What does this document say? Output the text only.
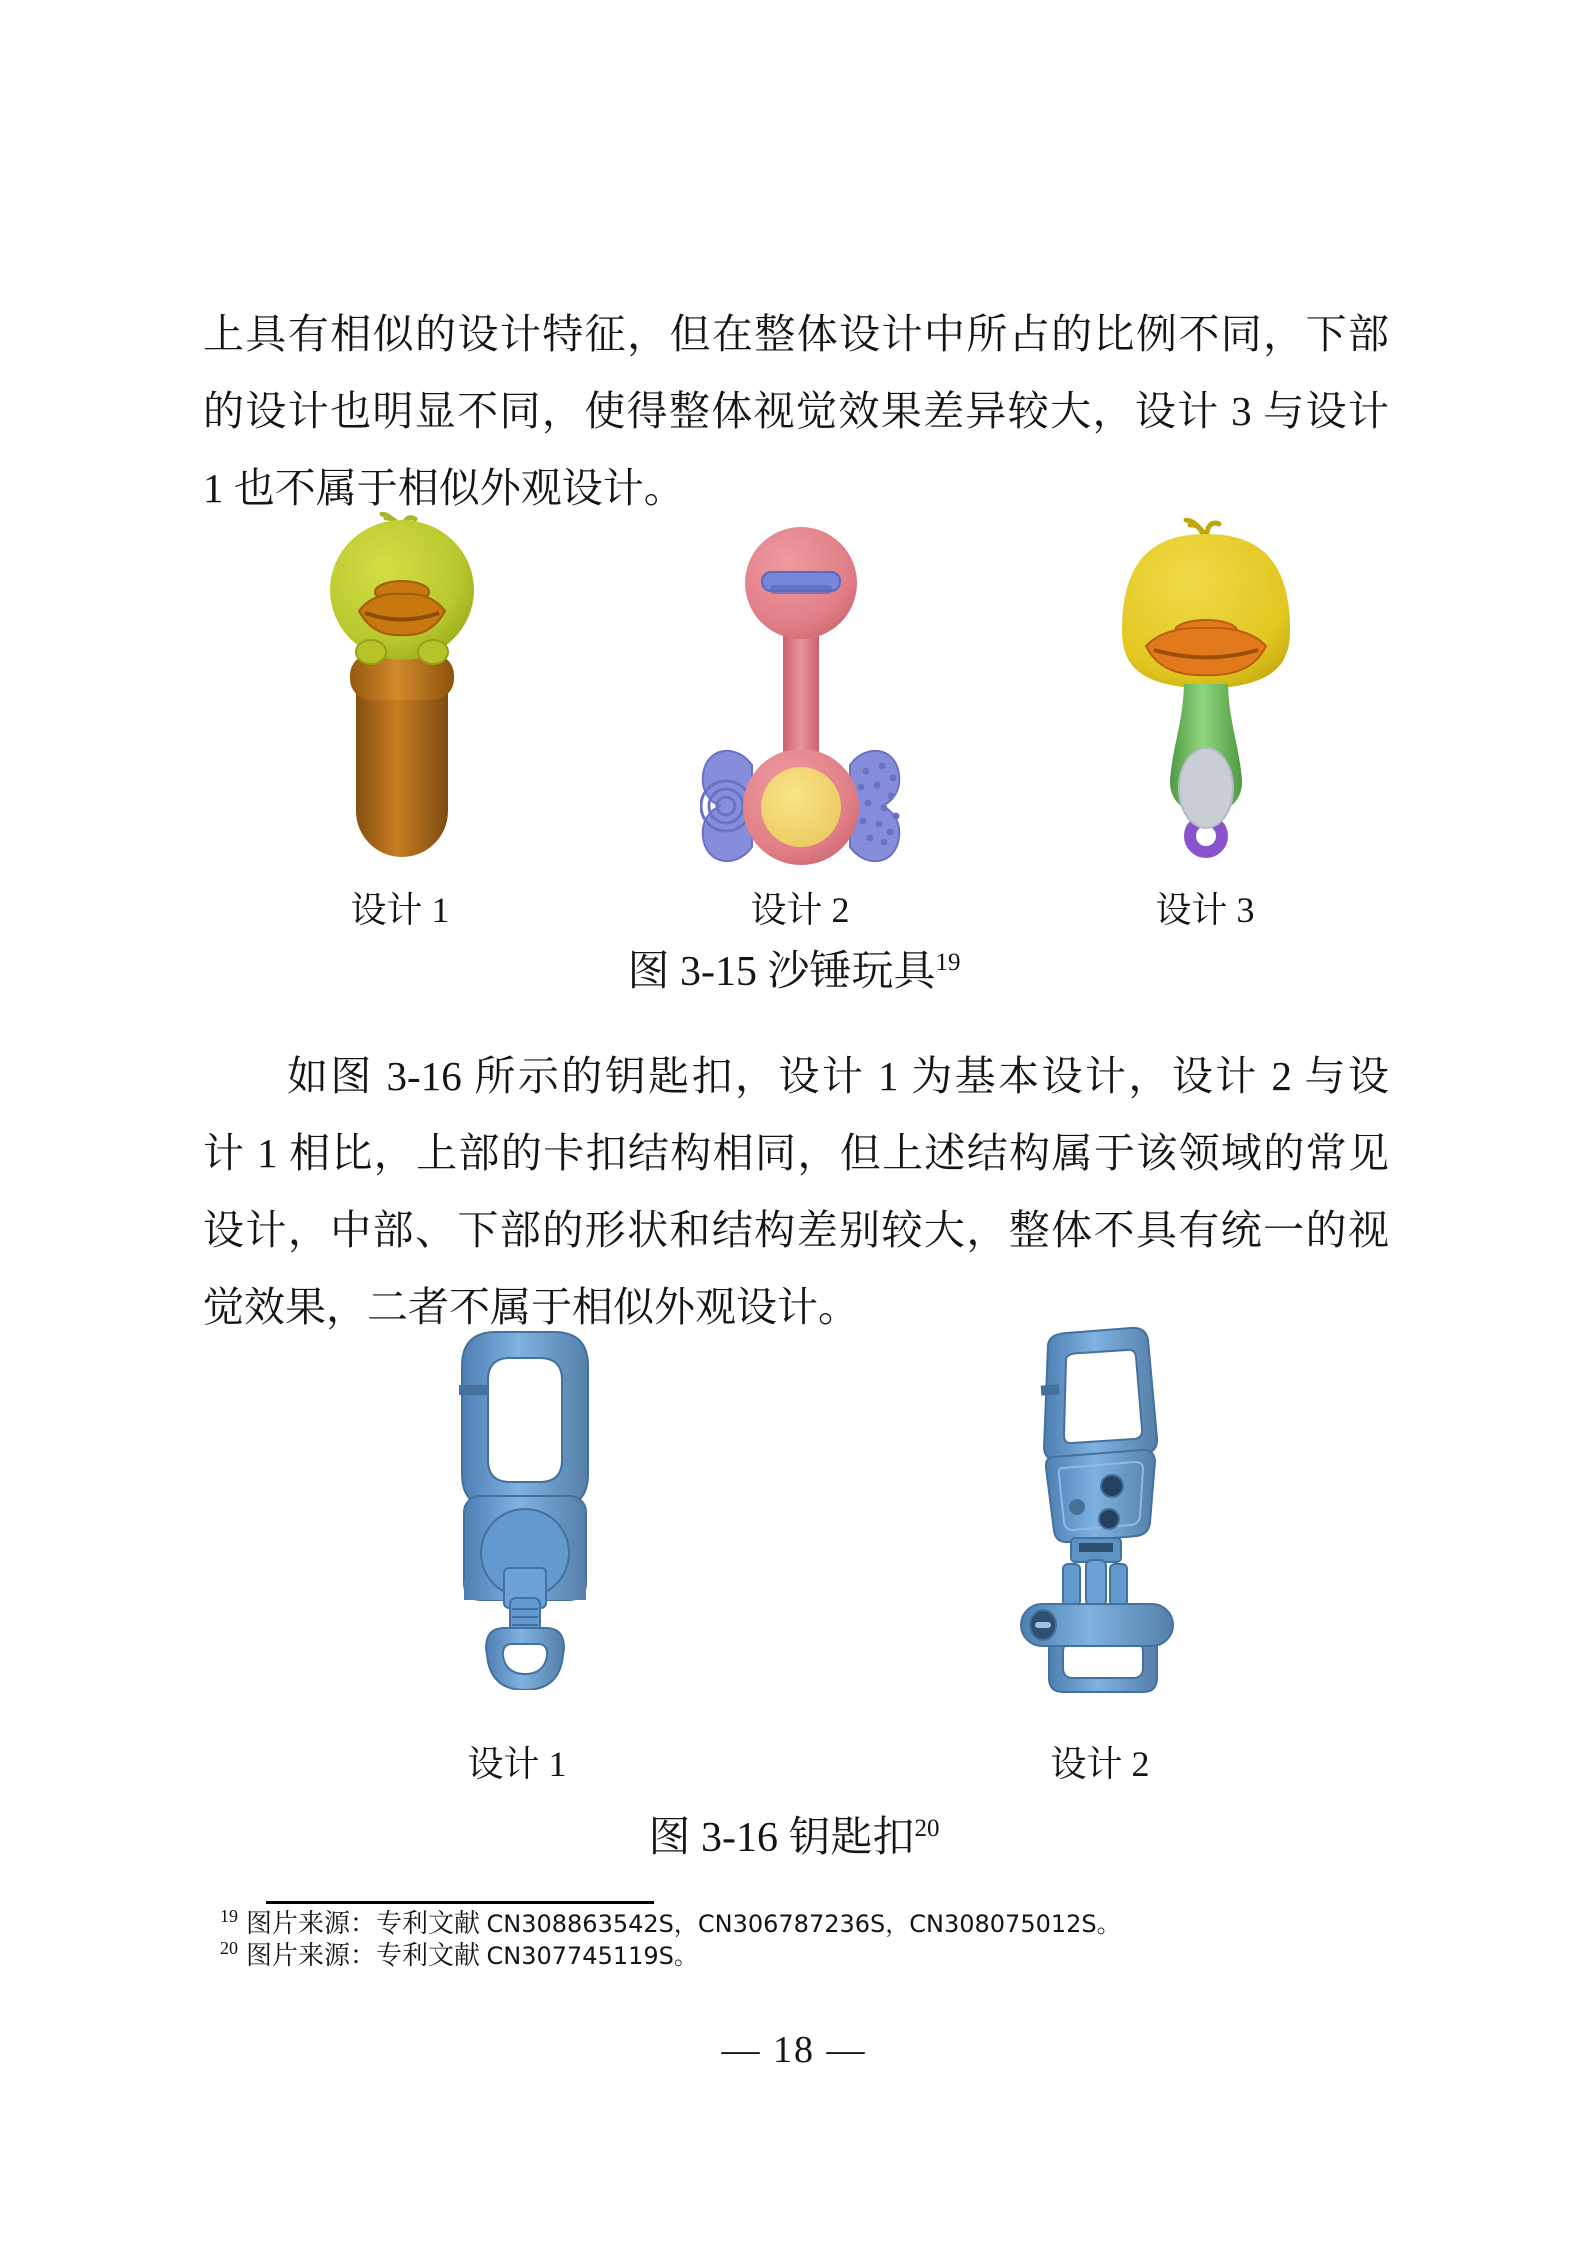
上具有相似的设计特征，但在整体设计中所占的比例不同，下部
的设计也明显不同，使得整体视觉效果差异较大，设计 3 与设计
1 也不属于相似外观设计。
设计 1	设计 2	设计 3
图 3-15 沙锤玩具$^{19}$
如图 3-16 所示的钥匙扣，设计 1 为基本设计，设计 2 与设
计 1 相比，上部的卡扣结构相同，但上述结构属于该领域的常见
设计，中部、下部的形状和结构差别较大，整体不具有统一的视
觉效果，二者不属于相似外观设计。
设计 1	设计 2
图 3-16 钥匙扣$^{20}$
$^{19}$ 图片来源：专利文献 CN308863542S，CN306787236S，CN308075012S。
$^{20}$ 图片来源：专利文献 CN307745119S。
— 18 —
